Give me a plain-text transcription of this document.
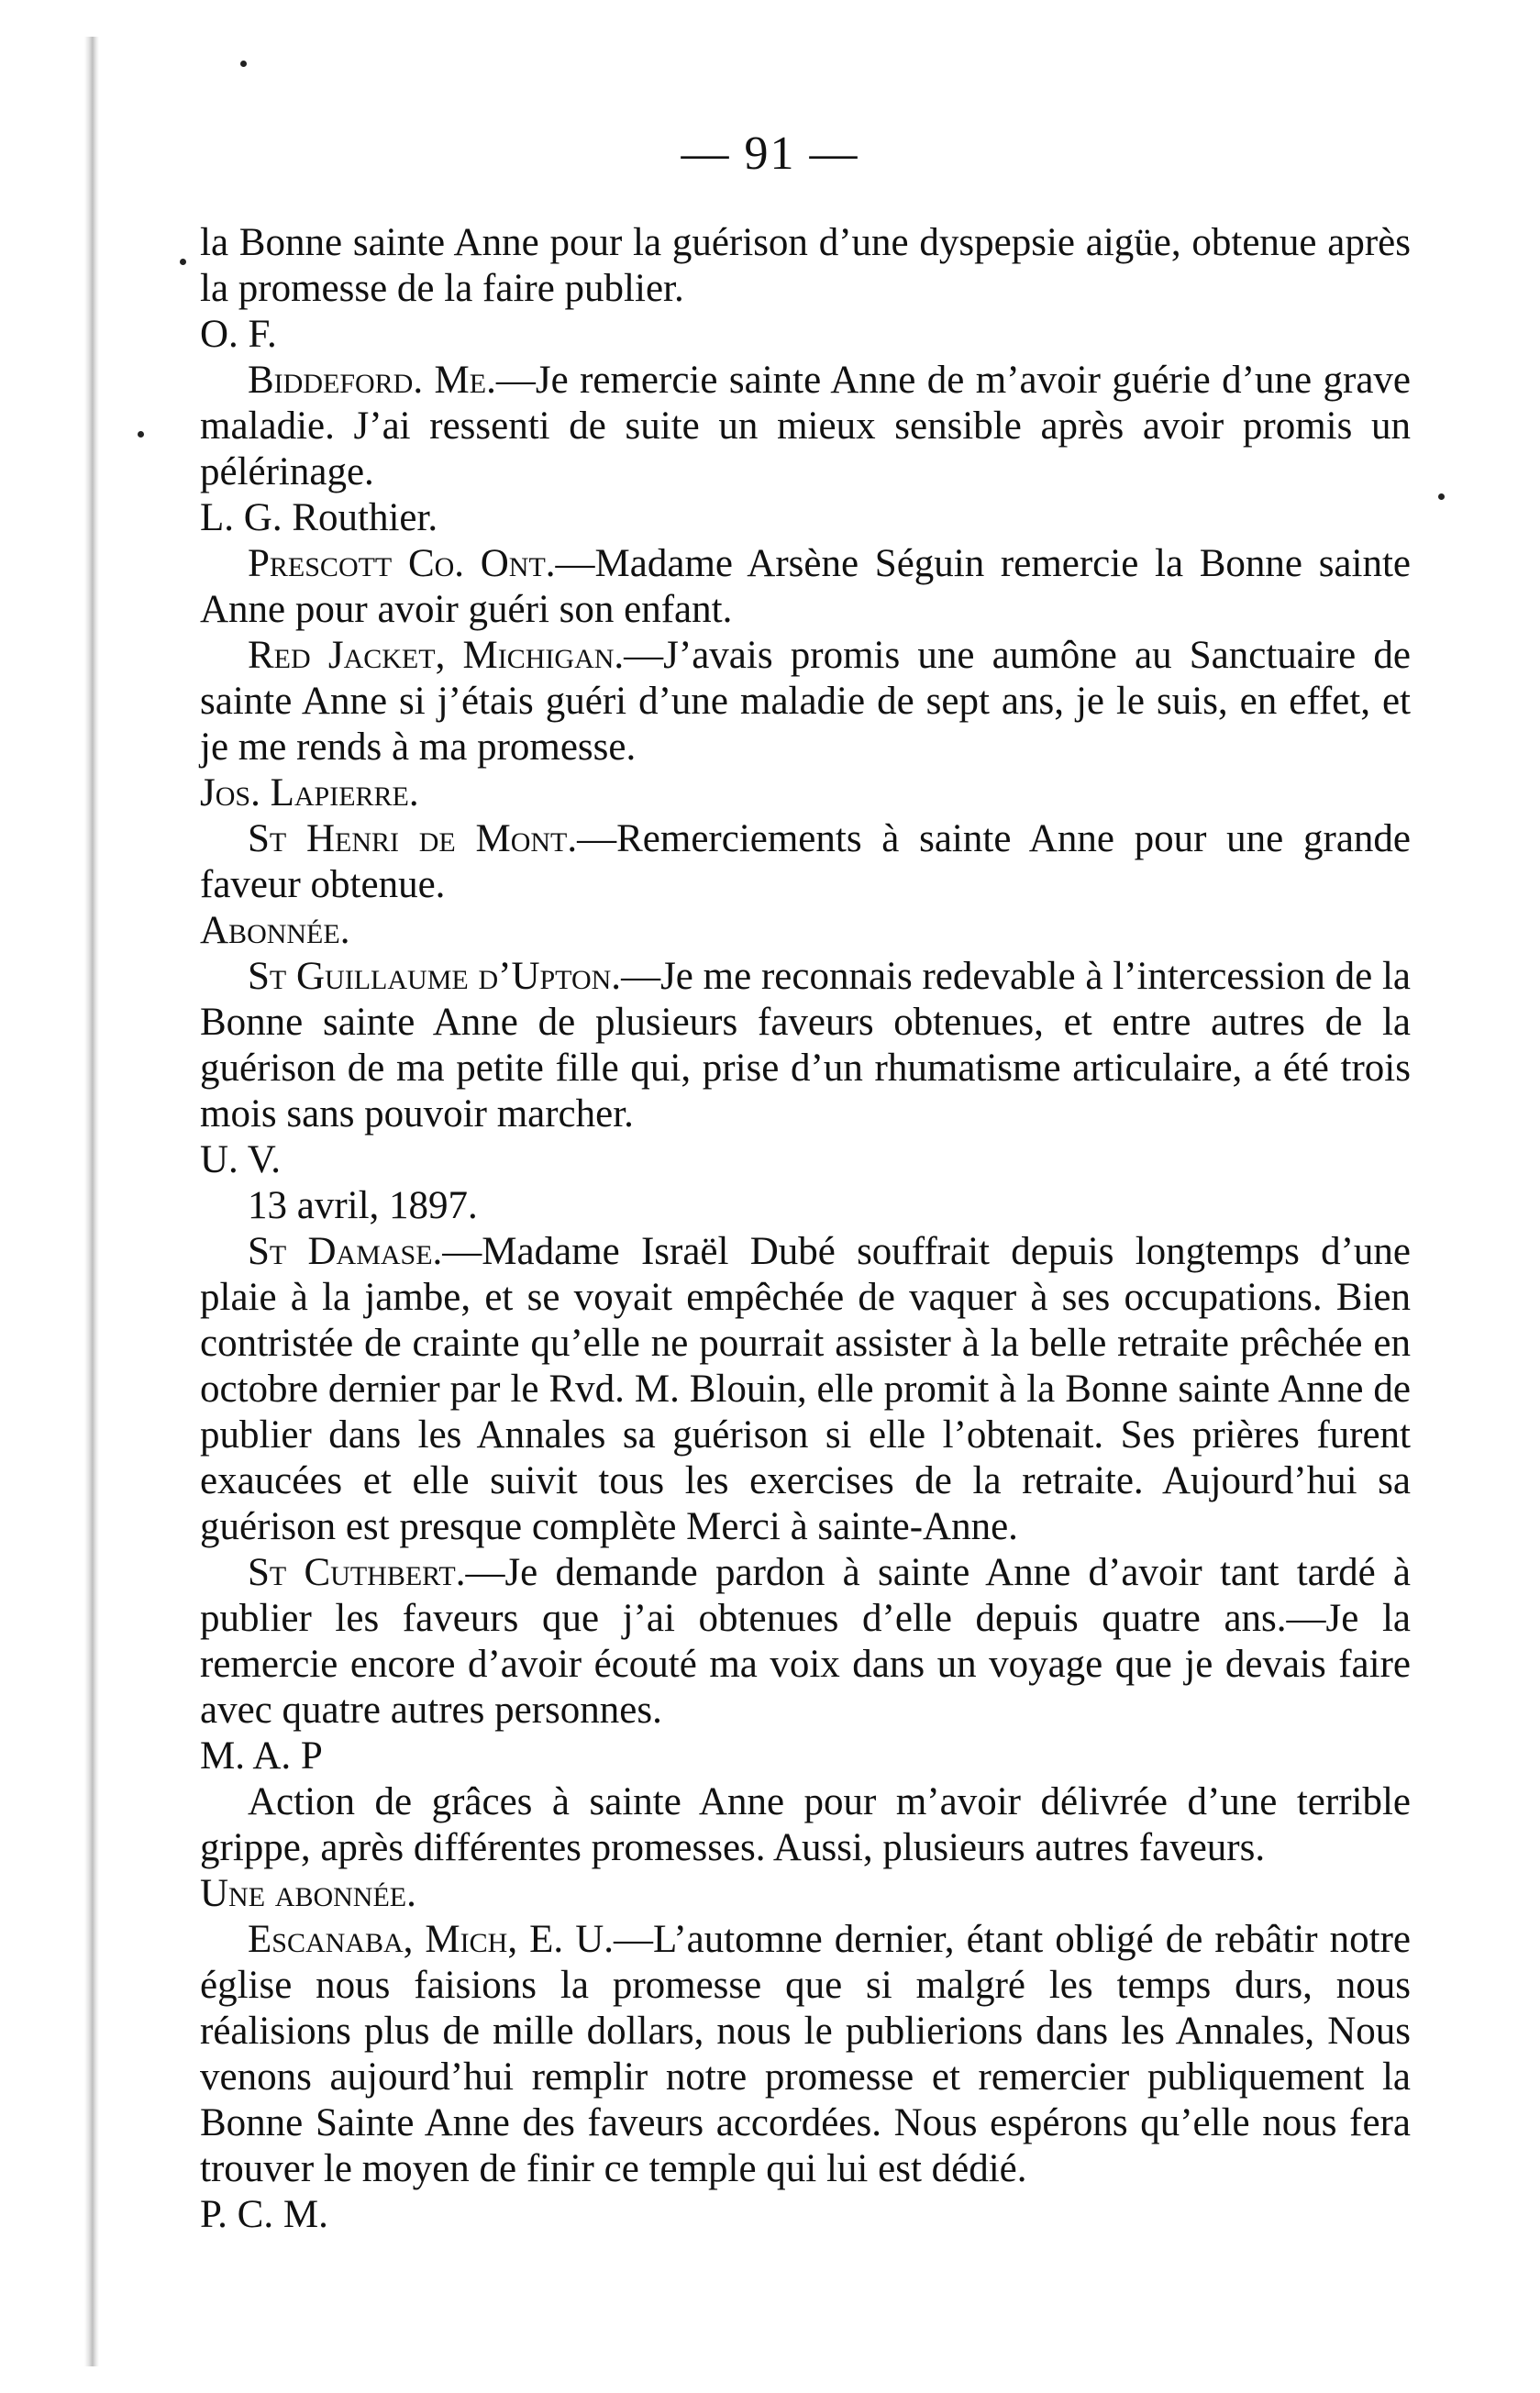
— 91 —

la Bonne sainte Anne pour la guérison d’une dyspepsie aigüe, obtenue après la promesse de la faire publier.

O. F.

Biddeford. Me.—Je remercie sainte Anne de m’avoir guérie d’une grave maladie. J’ai ressenti de suite un mieux sensible après avoir promis un pélérinage.

L. G. Routhier.

Prescott Co. Ont.—Madame Arsène Séguin remercie la Bonne sainte Anne pour avoir guéri son enfant.

Red Jacket, Michigan.—J’avais promis une aumône au Sanctuaire de sainte Anne si j’étais guéri d’une maladie de sept ans, je le suis, en effet, et je me rends à ma promesse.

Jos. Lapierre.

St Henri de Mont.—Remerciements à sainte Anne pour une grande faveur obtenue.

Abonnée.

St Guillaume d’Upton.—Je me reconnais redevable à l’intercession de la Bonne sainte Anne de plusieurs faveurs obtenues, et entre autres de la guérison de ma petite fille qui, prise d’un rhumatisme articulaire, a été trois mois sans pouvoir marcher.

U. V.

13 avril, 1897.

St Damase.—Madame Israël Dubé souffrait depuis longtemps d’une plaie à la jambe, et se voyait empêchée de vaquer à ses occupations. Bien contristée de crainte qu’elle ne pourrait assister à la belle retraite prêchée en octobre dernier par le Rvd. M. Blouin, elle promit à la Bonne sainte Anne de publier dans les Annales sa guérison si elle l’obtenait. Ses prières furent exaucées et elle suivit tous les exercises de la retraite. Aujourd’hui sa guérison est presque complète Merci à sainte-Anne.

St Cuthbert.—Je demande pardon à sainte Anne d’avoir tant tardé à publier les faveurs que j’ai obtenues d’elle depuis quatre ans.—Je la remercie encore d’avoir écouté ma voix dans un voyage que je devais faire avec quatre autres personnes.

M. A. P

Action de grâces à sainte Anne pour m’avoir délivrée d’une terrible grippe, après différentes promesses. Aussi, plusieurs autres faveurs.

Une abonnée.

Escanaba, Mich, E. U.—L’automne dernier, étant obligé de rebâtir notre église nous faisions la promesse que si malgré les temps durs, nous réalisions plus de mille dollars, nous le publierions dans les Annales, Nous venons aujourd’hui remplir notre promesse et remercier publiquement la Bonne Sainte Anne des faveurs accordées. Nous espérons qu’elle nous fera trouver le moyen de finir ce temple qui lui est dédié.

P. C. M.
